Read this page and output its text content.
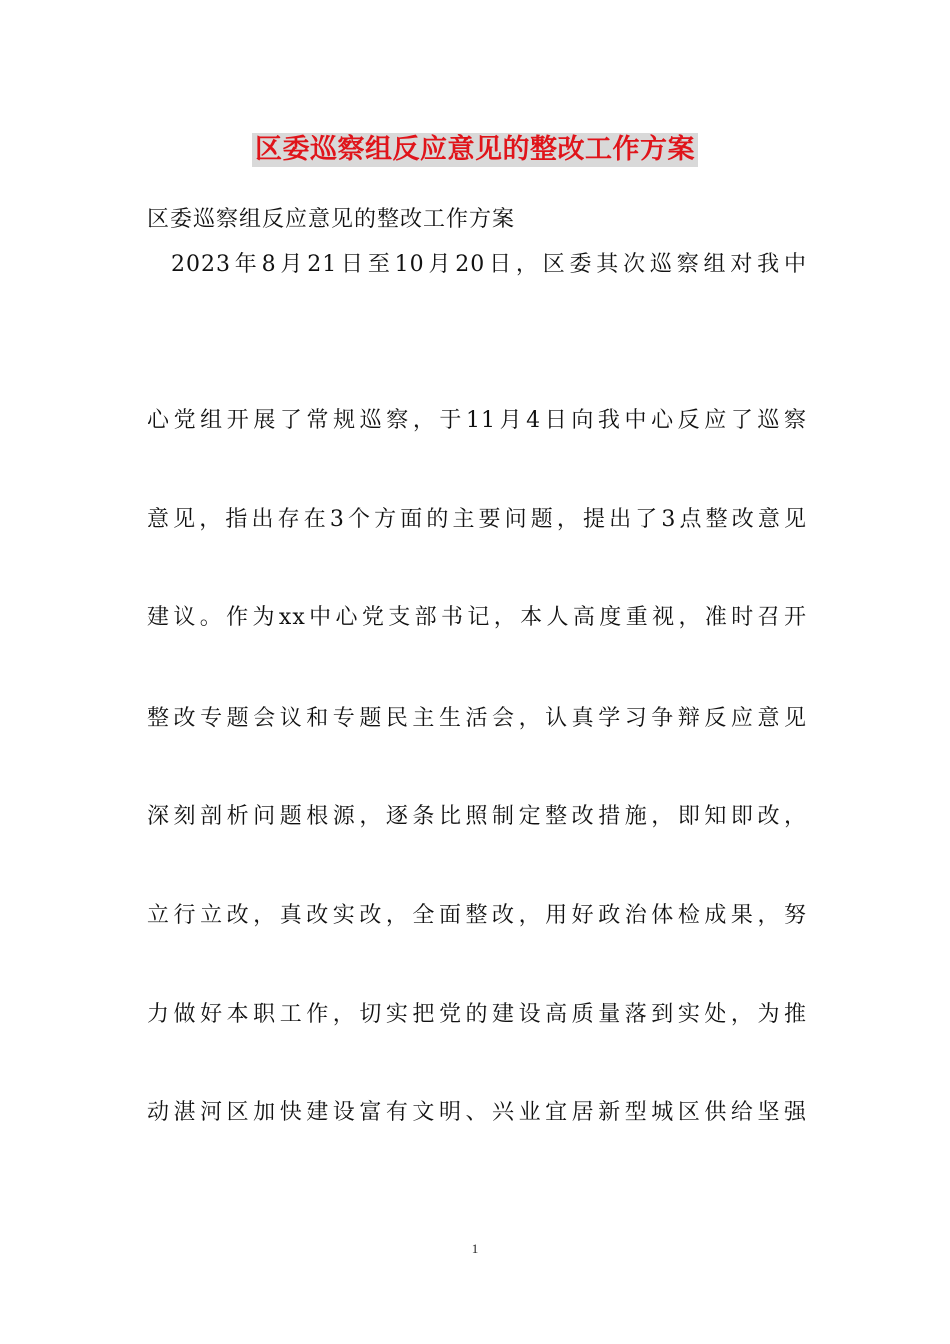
区委巡察组反应意见的整改工作方案
区委巡察组反应意见的整改工作方案
2023年8月21日至10月20日，区委其次巡察组对我中
心党组开展了常规巡察，于11月4日向我中心反应了巡察
意见，指出存在3个方面的主要问题，提出了3点整改意见
建议。作为xx中心党支部书记，本人高度重视，准时召开
整改专题会议和专题民主生活会，认真学习争辩反应意见
深刻剖析问题根源，逐条比照制定整改措施，即知即改，
立行立改，真改实改，全面整改，用好政治体检成果，努
力做好本职工作，切实把党的建设高质量落到实处，为推
动湛河区加快建设富有文明、兴业宜居新型城区供给坚强
1
